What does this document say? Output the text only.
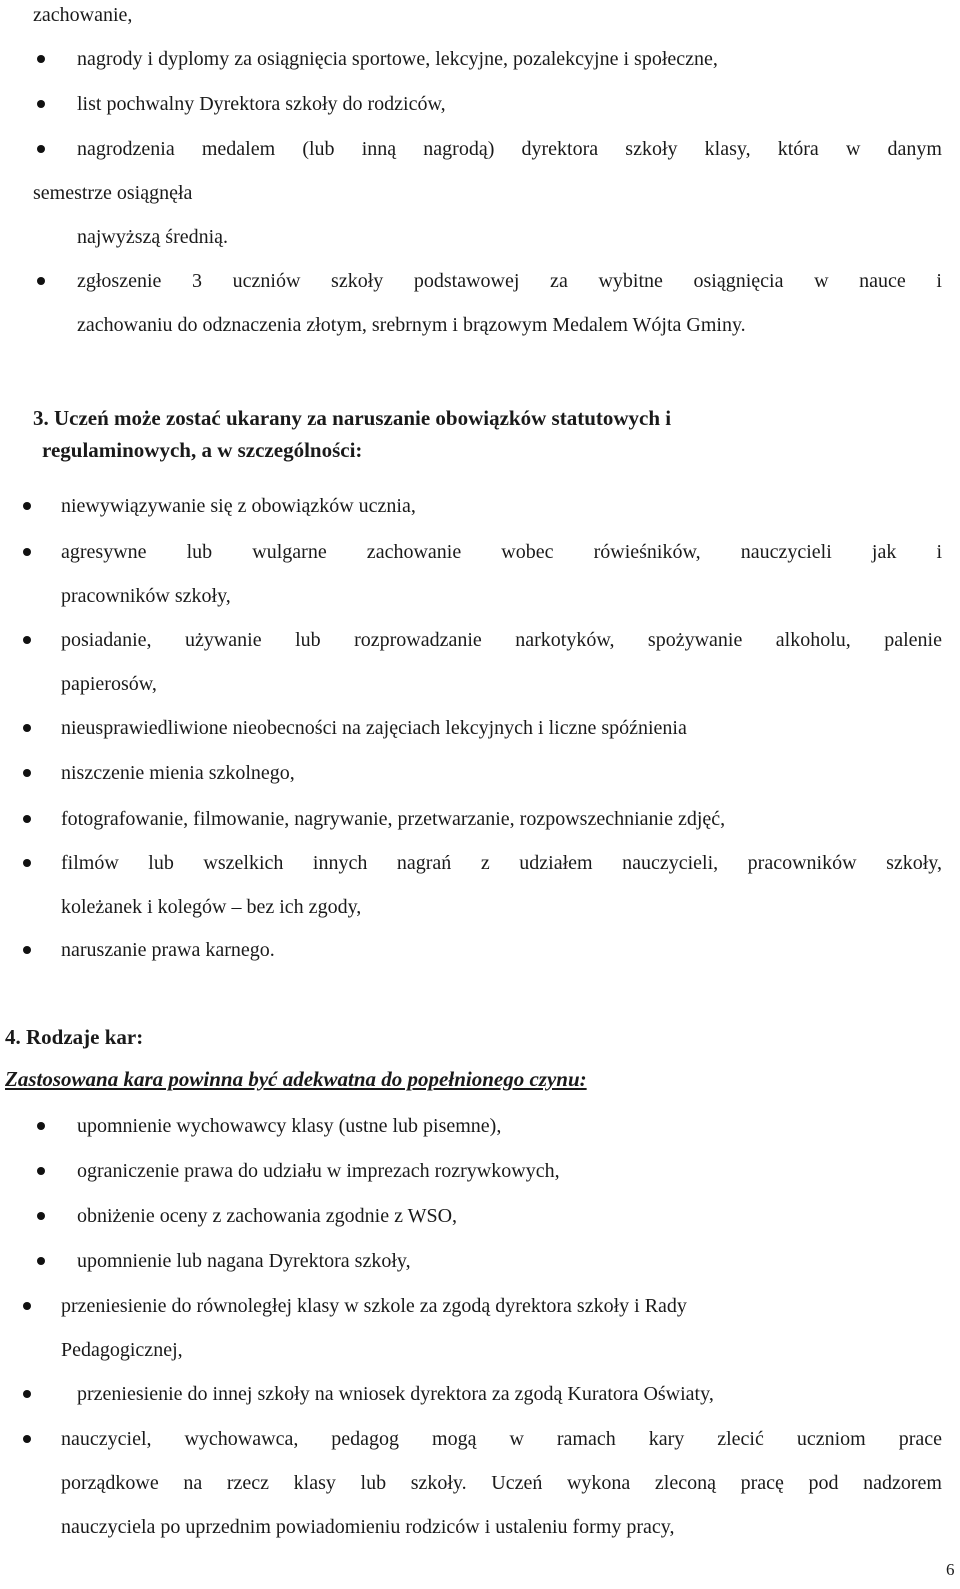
zachowanie,
nagrody i dyplomy za osiągnięcia sportowe, lekcyjne, pozalekcyjne i społeczne,
list pochwalny Dyrektora szkoły do rodziców,
nagrodzenia medalem (lub inną nagrodą) dyrektora szkoły klasy, która w danym
semestrze osiągnęła
najwyższą średnią.
zgłoszenie 3 uczniów szkoły podstawowej za wybitne osiągnięcia w nauce i
zachowaniu do odznaczenia złotym, srebrnym i brązowym Medalem Wójta Gminy.
3. Uczeń może zostać ukarany za naruszanie obowiązków statutowych i
regulaminowych, a w szczególności:
niewywiązywanie się z obowiązków ucznia,
agresywne lub wulgarne zachowanie wobec rówieśników, nauczycieli jak i
pracowników szkoły,
posiadanie, używanie lub rozprowadzanie narkotyków, spożywanie alkoholu, palenie
papierosów,
nieusprawiedliwione nieobecności na zajęciach lekcyjnych i liczne spóźnienia
niszczenie mienia szkolnego,
fotografowanie, filmowanie, nagrywanie, przetwarzanie, rozpowszechnianie zdjęć,
filmów lub wszelkich innych nagrań z udziałem nauczycieli, pracowników szkoły,
koleżanek i kolegów – bez ich zgody,
naruszanie prawa karnego.
4. Rodzaje kar:
Zastosowana kara powinna być adekwatna do popełnionego czynu:
upomnienie wychowawcy klasy (ustne lub pisemne),
ograniczenie prawa do udziału w imprezach rozrywkowych,
obniżenie oceny z zachowania zgodnie z WSO,
upomnienie lub nagana Dyrektora szkoły,
przeniesienie do równoległej klasy w szkole za zgodą dyrektora szkoły i Rady
Pedagogicznej,
przeniesienie do innej szkoły na wniosek dyrektora za zgodą Kuratora Oświaty,
nauczyciel, wychowawca, pedagog mogą w ramach kary zlecić uczniom prace
porządkowe na rzecz klasy lub szkoły. Uczeń wykona zleconą pracę pod nadzorem
nauczyciela po uprzednim powiadomieniu rodziców i ustaleniu formy pracy,
6
